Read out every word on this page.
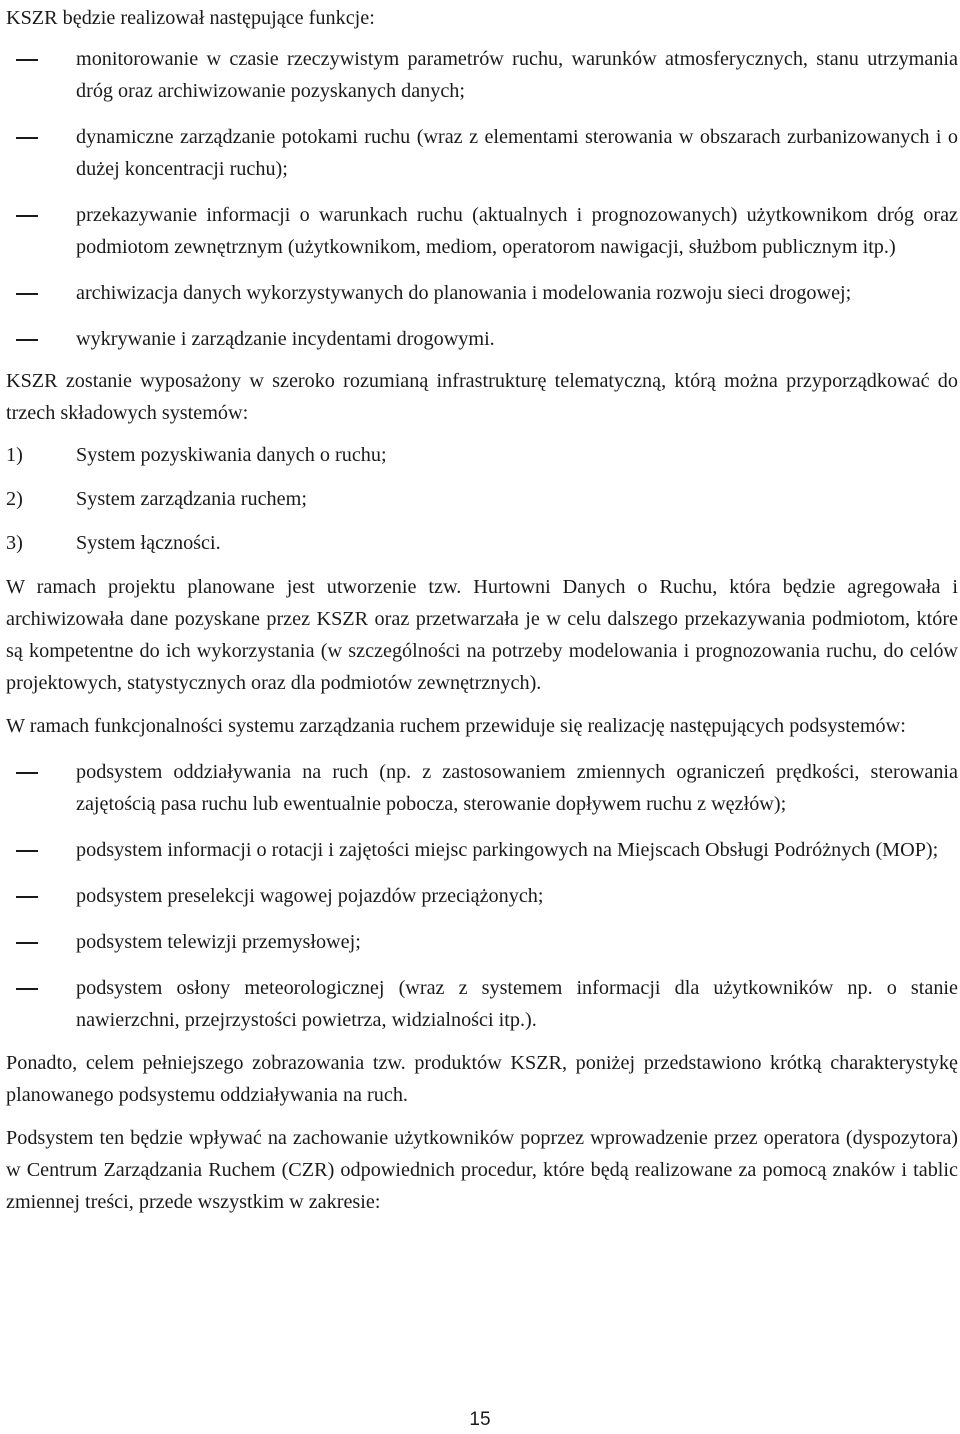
KSZR będzie realizował następujące funkcje:

monitorowanie w czasie rzeczywistym parametrów ruchu, warunków atmosferycznych, stanu utrzymania dróg oraz archiwizowanie pozyskanych danych;
dynamiczne zarządzanie potokami ruchu (wraz z elementami sterowania w obszarach zurbanizowanych i o dużej koncentracji ruchu);
przekazywanie informacji o warunkach ruchu (aktualnych i prognozowanych) użytkownikom dróg oraz podmiotom zewnętrznym (użytkownikom, mediom, operatorom nawigacji, służbom publicznym itp.)
archiwizacja danych wykorzystywanych do planowania i modelowania rozwoju sieci drogowej;
wykrywanie i zarządzanie incydentami drogowymi.

KSZR zostanie wyposażony w szeroko rozumianą infrastrukturę telematyczną, którą można przyporządkować do trzech składowych systemów:

1)	System pozyskiwania danych o ruchu;
2)	System zarządzania ruchem;
3)	System łączności.

W ramach projektu planowane jest utworzenie tzw. Hurtowni Danych o Ruchu, która będzie agregowała i archiwizowała dane pozyskane przez KSZR oraz przetwarzała je w celu dalszego przekazywania podmiotom, które są kompetentne do ich wykorzystania (w szczególności na potrzeby modelowania i prognozowania ruchu, do celów projektowych, statystycznych oraz dla podmiotów zewnętrznych).

W ramach funkcjonalności systemu zarządzania ruchem przewiduje się realizację następujących podsystemów:

podsystem oddziaływania na ruch (np. z zastosowaniem zmiennych ograniczeń prędkości, sterowania zajętością pasa ruchu lub ewentualnie pobocza, sterowanie dopływem ruchu z węzłów);
podsystem informacji o rotacji i zajętości miejsc parkingowych na Miejscach Obsługi Podróżnych (MOP);
podsystem preselekcji wagowej pojazdów przeciążonych;
podsystem telewizji przemysłowej;
podsystem osłony meteorologicznej (wraz z systemem informacji dla użytkowników np. o stanie nawierzchni, przejrzystości powietrza, widzialności itp.).

Ponadto, celem pełniejszego zobrazowania tzw. produktów KSZR, poniżej przedstawiono krótką charakterystykę planowanego podsystemu oddziaływania na ruch.

Podsystem ten będzie wpływać na zachowanie użytkowników poprzez wprowadzenie przez operatora (dyspozytora) w Centrum Zarządzania Ruchem (CZR) odpowiednich procedur, które będą realizowane za pomocą znaków i tablic zmiennej treści, przede wszystkim w zakresie:

15
